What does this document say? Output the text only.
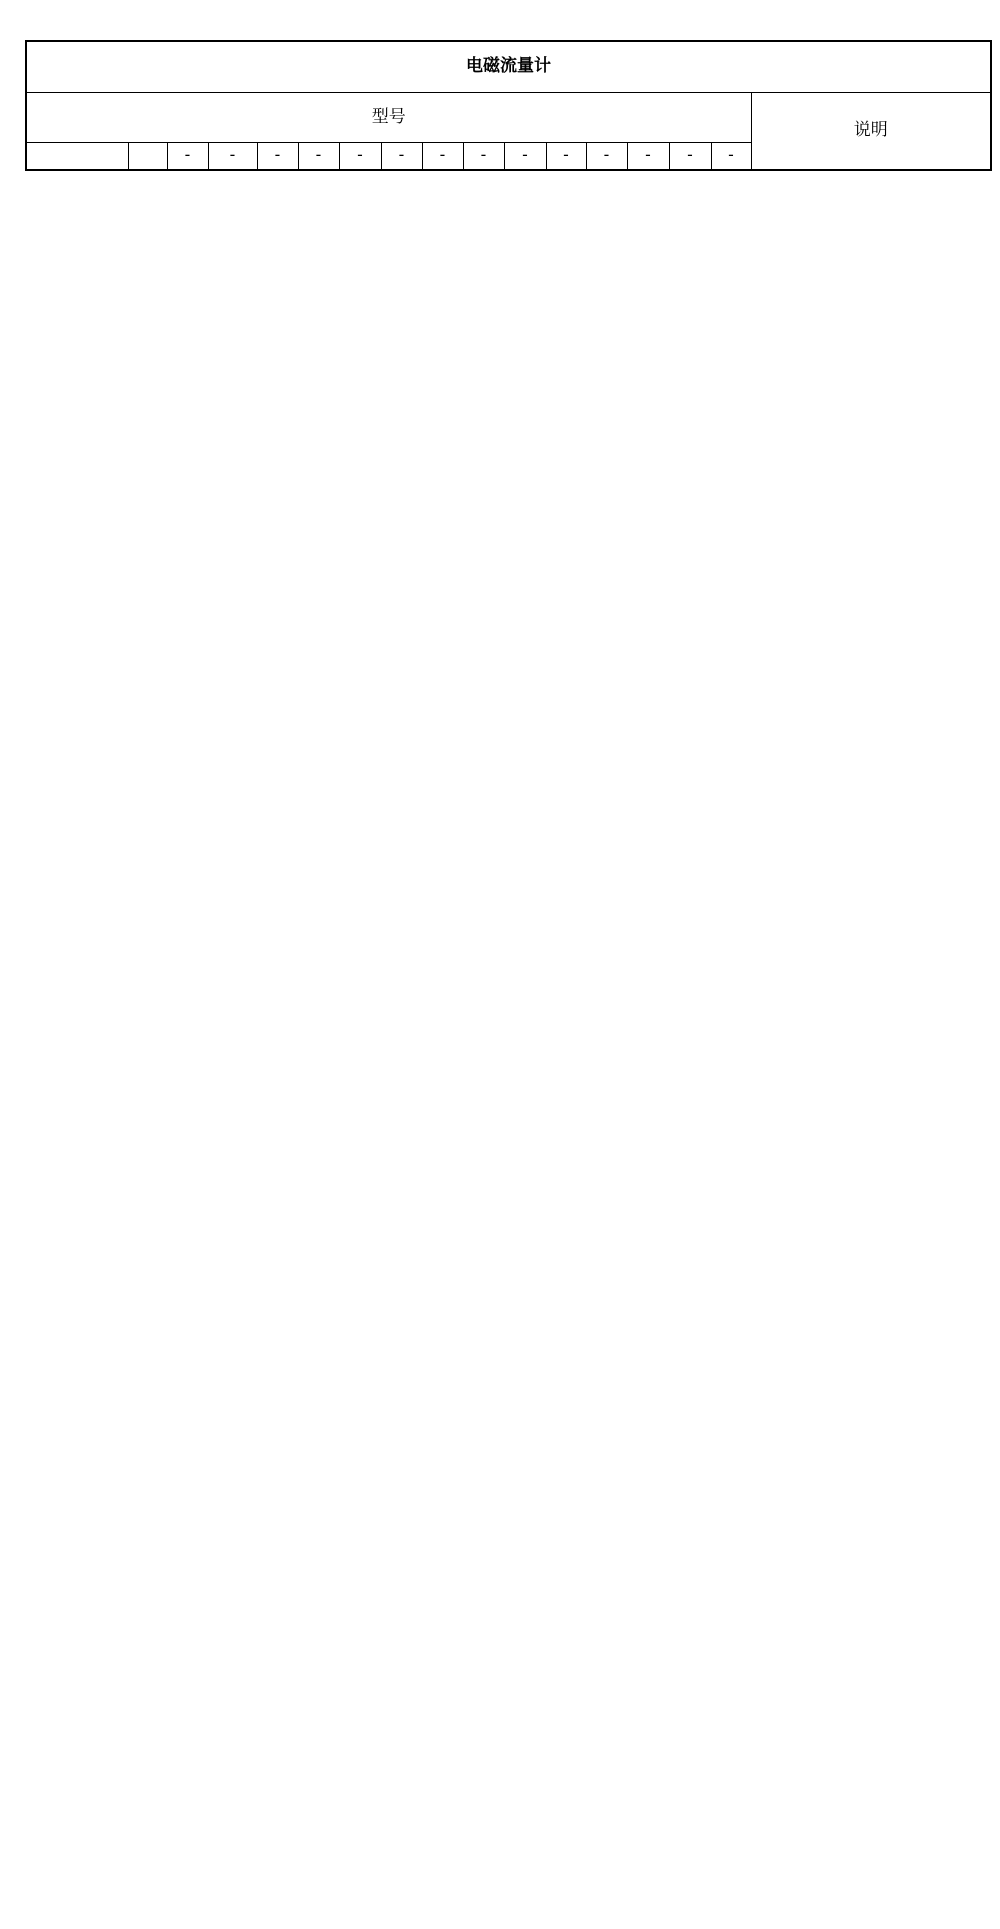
电磁流量计																
型号																说明
		-	-	-	-	-	-	-	-	-	-	-	-	-	-	
